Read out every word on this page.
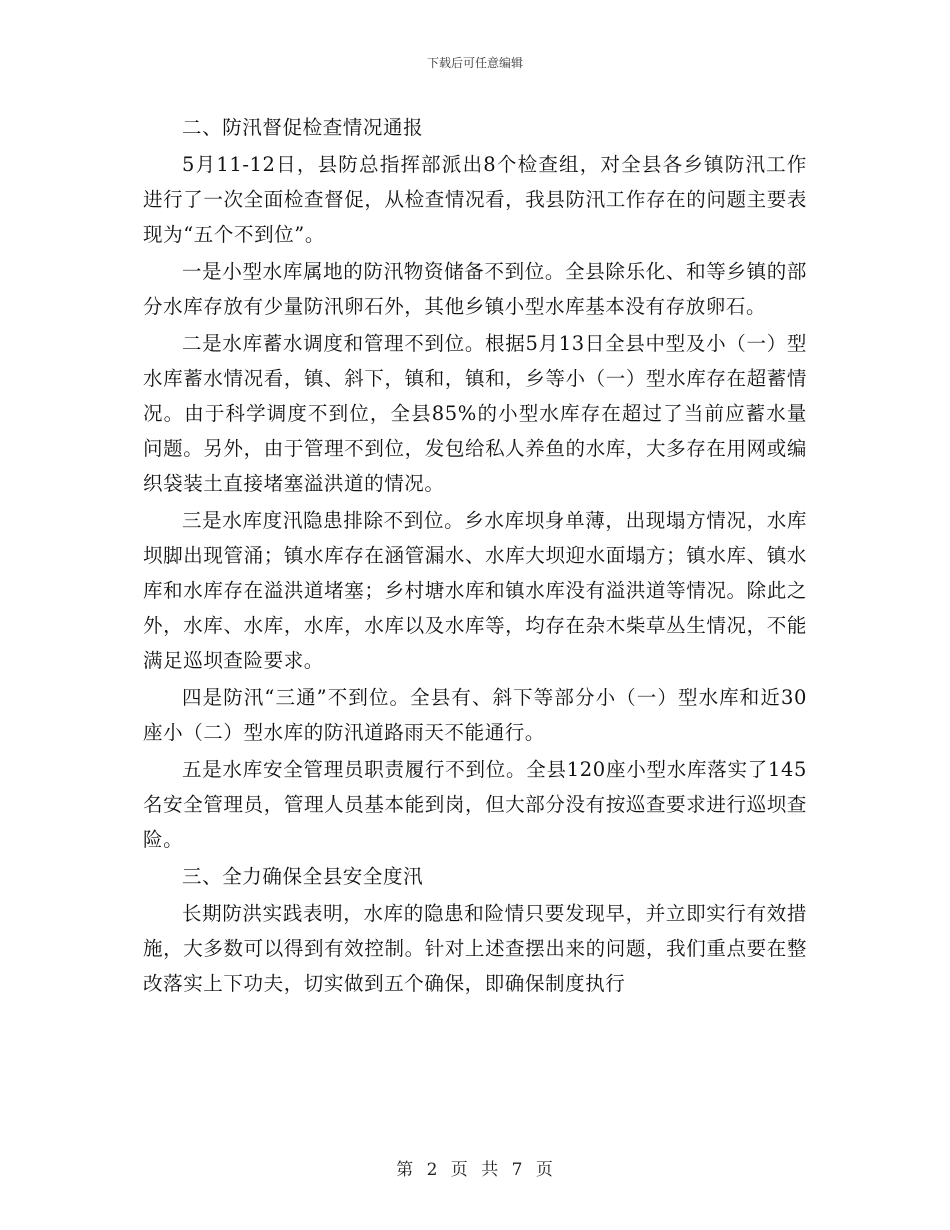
下载后可任意编辑

二、防汛督促检查情况通报

5月11-12日，县防总指挥部派出8个检查组，对全县各乡镇防汛工作进行了一次全面检查督促，从检查情况看，我县防汛工作存在的问题主要表现为“五个不到位”。

一是小型水库属地的防汛物资储备不到位。全县除乐化、和等乡镇的部分水库存放有少量防汛卵石外，其他乡镇小型水库基本没有存放卵石。

二是水库蓄水调度和管理不到位。根据5月13日全县中型及小（一）型水库蓄水情况看，镇、斜下，镇和，镇和，乡等小（一）型水库存在超蓄情况。由于科学调度不到位，全县85%的小型水库存在超过了当前应蓄水量问题。另外，由于管理不到位，发包给私人养鱼的水库，大多存在用网或编织袋装土直接堵塞溢洪道的情况。

三是水库度汛隐患排除不到位。乡水库坝身单薄，出现塌方情况，水库坝脚出现管涌；镇水库存在涵管漏水、水库大坝迎水面塌方；镇水库、镇水库和水库存在溢洪道堵塞；乡村塘水库和镇水库没有溢洪道等情况。除此之外，水库、水库，水库，水库以及水库等，均存在杂木柴草丛生情况，不能满足巡坝查险要求。

四是防汛“三通”不到位。全县有、斜下等部分小（一）型水库和近30座小（二）型水库的防汛道路雨天不能通行。

五是水库安全管理员职责履行不到位。全县120座小型水库落实了145名安全管理员，管理人员基本能到岗，但大部分没有按巡查要求进行巡坝查险。

三、全力确保全县安全度汛

长期防洪实践表明，水库的隐患和险情只要发现早，并立即实行有效措施，大多数可以得到有效控制。针对上述查摆出来的问题，我们重点要在整改落实上下功夫，切实做到五个确保，即确保制度执行

第 2 页 共 7 页
